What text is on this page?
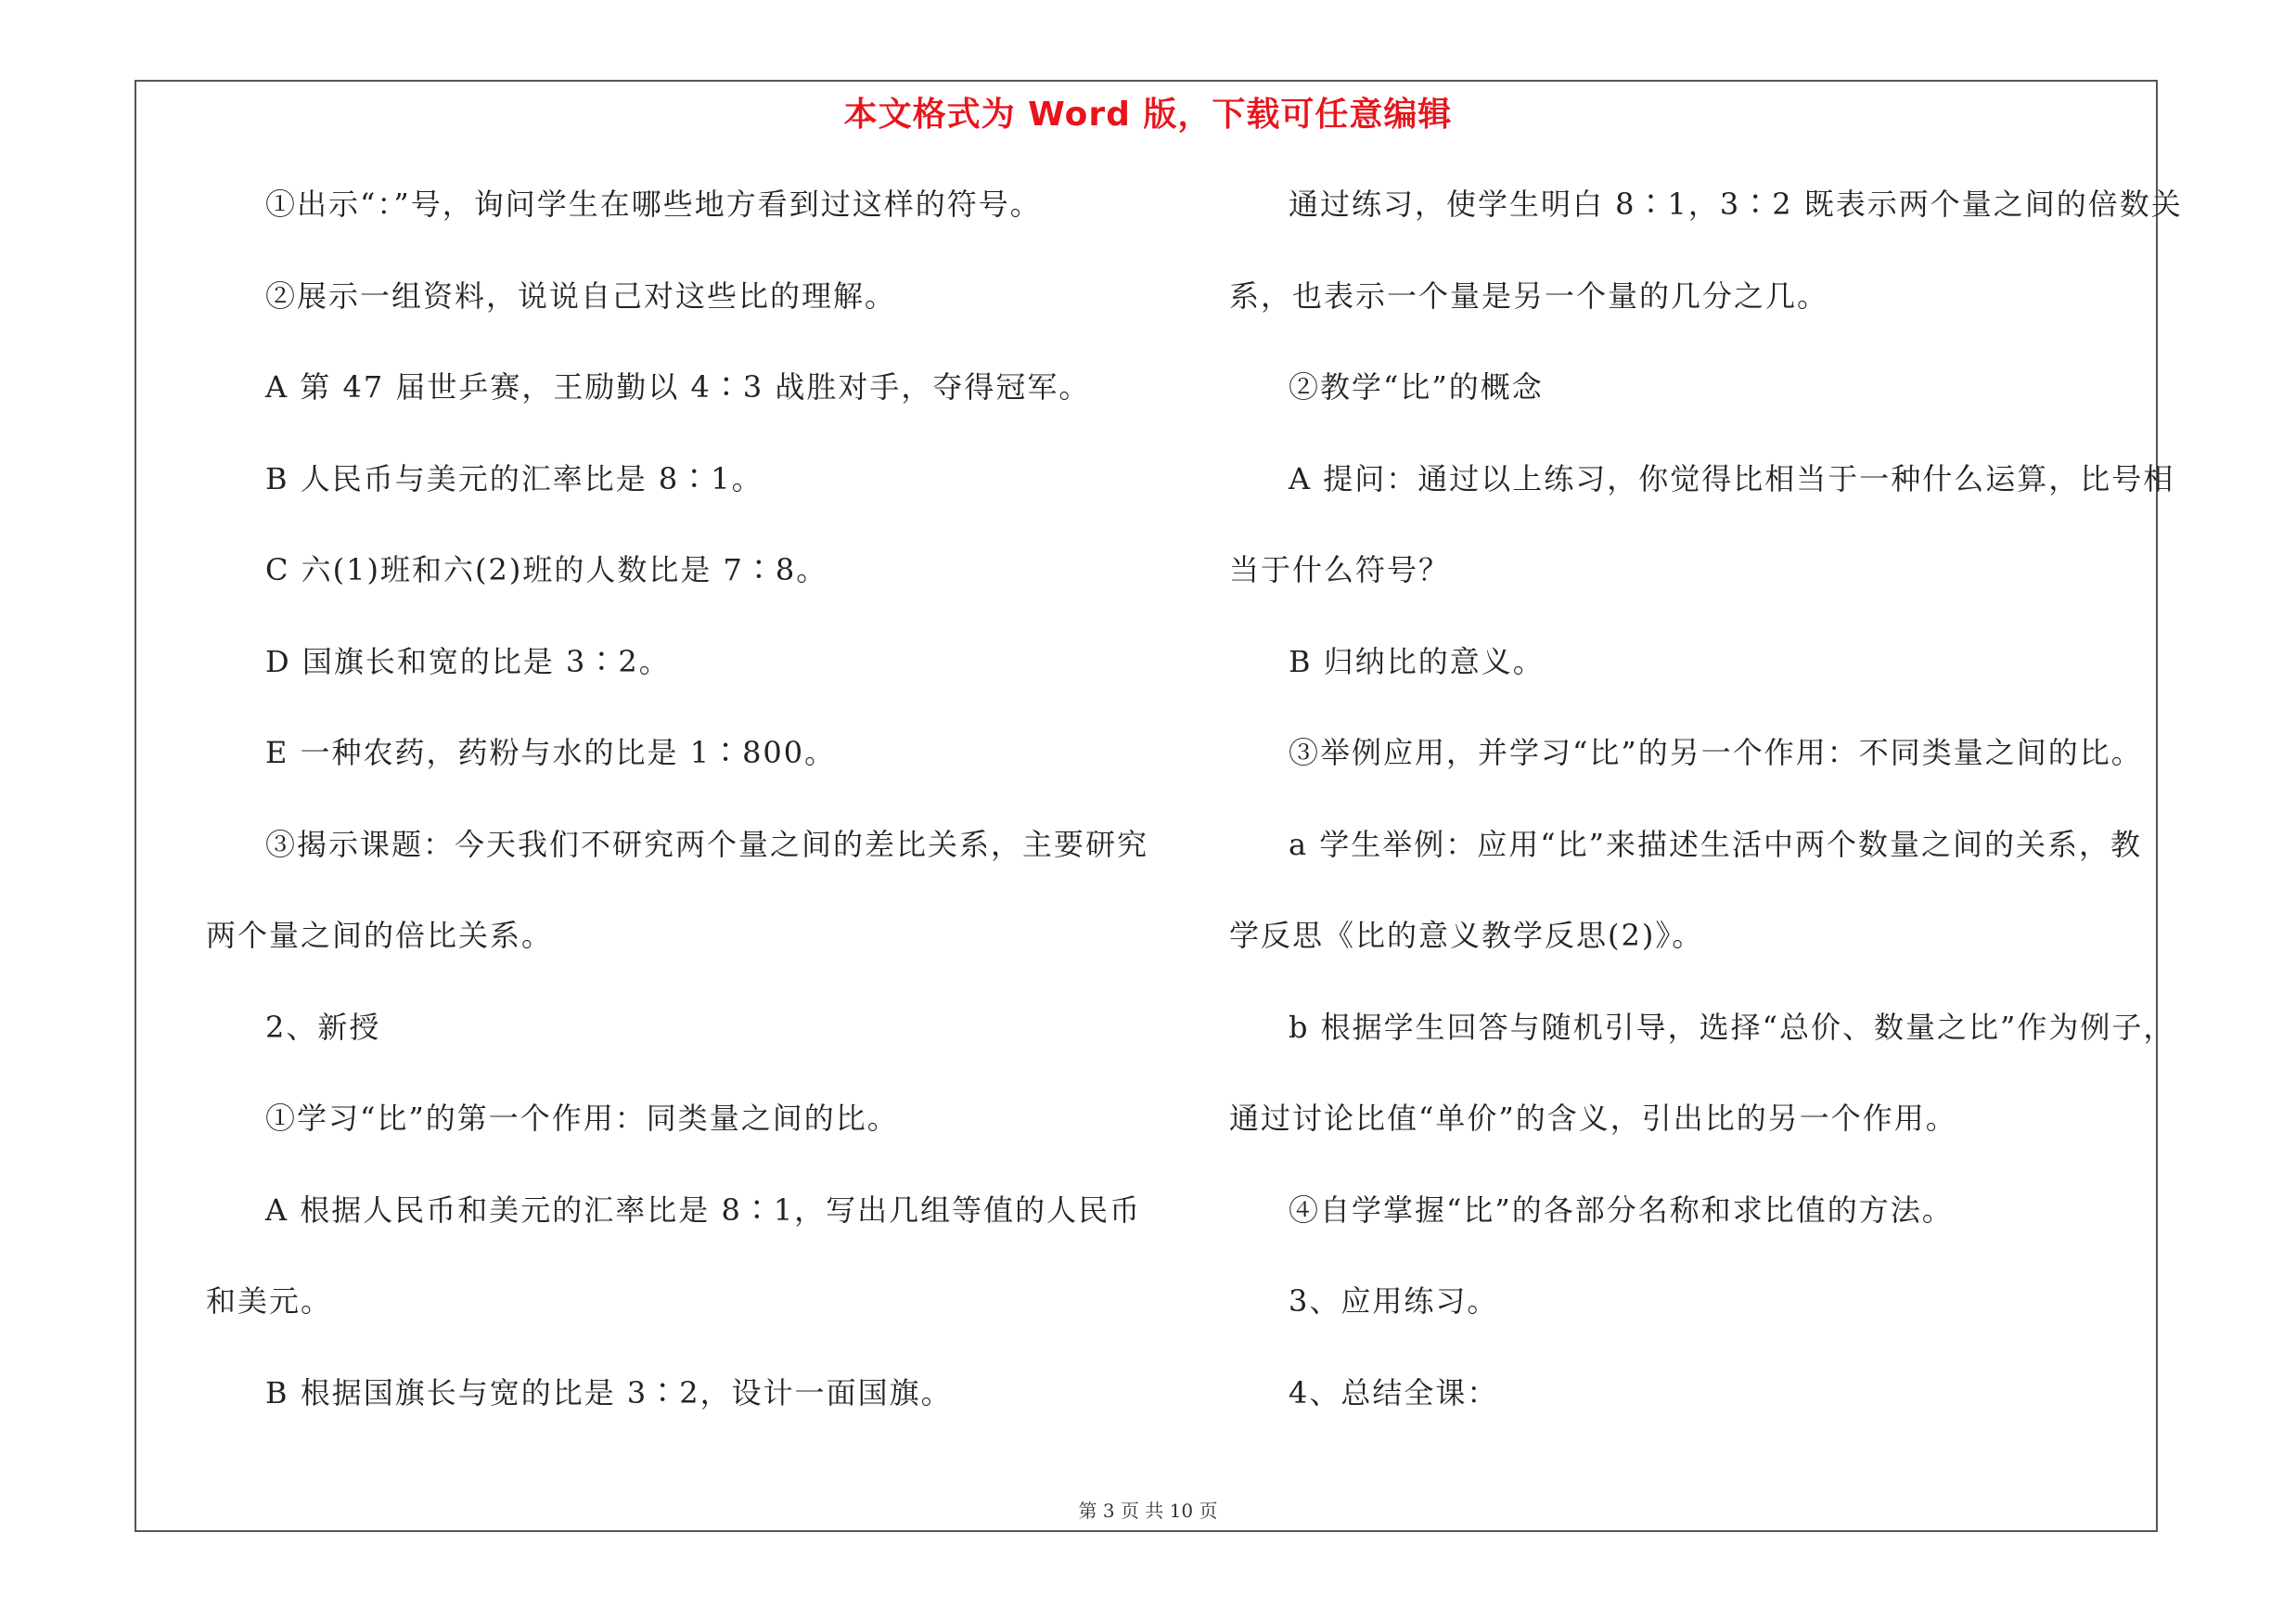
本文格式为 Word 版，下载可任意编辑
①出示“：”号，询问学生在哪些地方看到过这样的符号。
②展示一组资料，说说自己对这些比的理解。
A 第 47 届世乒赛，王励勤以 4∶3 战胜对手，夺得冠军。
B 人民币与美元的汇率比是 8∶1。
C 六(1)班和六(2)班的人数比是 7∶8。
D 国旗长和宽的比是 3∶2。
E 一种农药，药粉与水的比是 1∶800。
③揭示课题：今天我们不研究两个量之间的差比关系，主要研究
两个量之间的倍比关系。
2、新授
①学习“比”的第一个作用：同类量之间的比。
A 根据人民币和美元的汇率比是 8∶1，写出几组等值的人民币
和美元。
B 根据国旗长与宽的比是 3∶2，设计一面国旗。
通过练习，使学生明白 8∶1，3∶2 既表示两个量之间的倍数关
系，也表示一个量是另一个量的几分之几。
②教学“比”的概念
A 提问：通过以上练习，你觉得比相当于一种什么运算，比号相
当于什么符号？
B 归纳比的意义。
③举例应用，并学习“比”的另一个作用：不同类量之间的比。
a 学生举例：应用“比”来描述生活中两个数量之间的关系，教
学反思《比的意义教学反思(2)》。
b 根据学生回答与随机引导，选择“总价、数量之比”作为例子，
通过讨论比值“单价”的含义，引出比的另一个作用。
④自学掌握“比”的各部分名称和求比值的方法。
3、应用练习。
4、总结全课：
第 3 页 共 10 页
